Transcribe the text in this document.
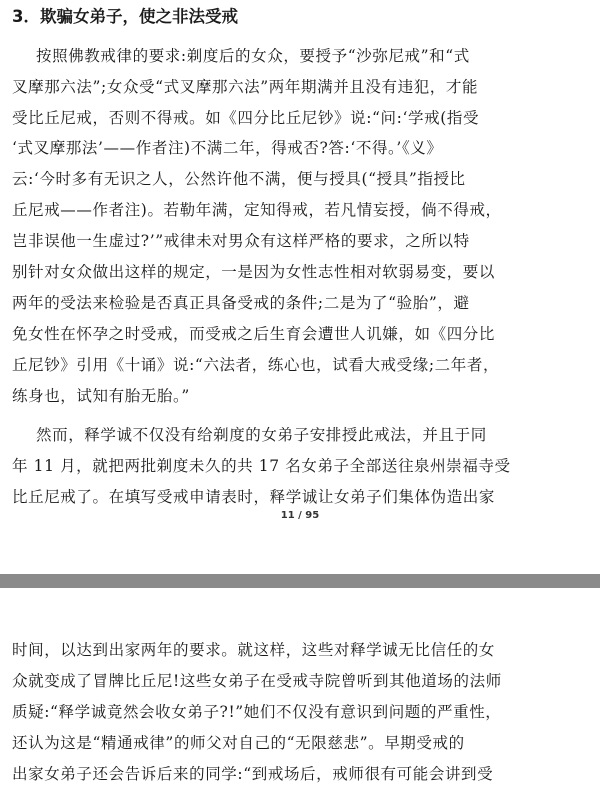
3．欺骗女弟子，使之非法受戒
按照佛教戒律的要求:剃度后的女众，要授予“沙弥尼戒”和“式
叉摩那六法”;女众受“式叉摩那六法”两年期满并且没有违犯，才能
受比丘尼戒，否则不得戒。如《四分比丘尼钞》说:“问:‘学戒(指受
‘式叉摩那法’——作者注)不满二年，得戒否?答:‘不得。’《义》
云:‘今时多有无识之人，公然许他不满，便与授具(“授具”指授比
丘尼戒——作者注)。若勒年满，定知得戒，若凡情妄授，倘不得戒，
岂非误他一生虚过?’”戒律未对男众有这样严格的要求，之所以特
别针对女众做出这样的规定，一是因为女性志性相对软弱易变，要以
两年的受法来检验是否真正具备受戒的条件;二是为了“验胎”，避
免女性在怀孕之时受戒，而受戒之后生育会遭世人讥嫌，如《四分比
丘尼钞》引用《十诵》说:“六法者，练心也，试看大戒受缘;二年者，
练身也，试知有胎无胎。”
然而，释学诚不仅没有给剃度的女弟子安排授此戒法，并且于同
年 11 月，就把两批剃度未久的共 17 名女弟子全部送往泉州崇福寺受
比丘尼戒了。在填写受戒申请表时，释学诚让女弟子们集体伪造出家
11 / 95
时间，以达到出家两年的要求。就这样，这些对释学诚无比信任的女
众就变成了冒牌比丘尼!这些女弟子在受戒寺院曾听到其他道场的法师
质疑:“释学诚竟然会收女弟子?!”她们不仅没有意识到问题的严重性，
还认为这是“精通戒律”的师父对自己的“无限慈悲”。早期受戒的
出家女弟子还会告诉后来的同学:“到戒场后，戒师很有可能会讲到受
